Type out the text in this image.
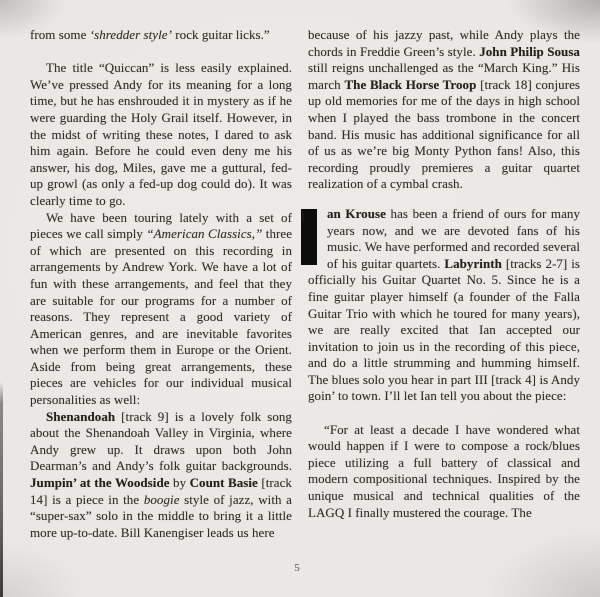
from some ‘shredder style’ rock guitar licks.”

The title “Quiccan” is less easily explained. We’ve pressed Andy for its meaning for a long time, but he has enshrouded it in mystery as if he were guarding the Holy Grail itself. However, in the midst of writing these notes, I dared to ask him again. Before he could even deny me his answer, his dog, Miles, gave me a guttural, fed-up growl (as only a fed-up dog could do). It was clearly time to go.

We have been touring lately with a set of pieces we call simply “American Classics,” three of which are presented on this recording in arrangements by Andrew York. We have a lot of fun with these arrangements, and feel that they are suitable for our programs for a number of reasons. They represent a good variety of American genres, and are inevitable favorites when we perform them in Europe or the Orient. Aside from being great arrangements, these pieces are vehicles for our individual musical personalities as well:

Shenandoah [track 9] is a lovely folk song about the Shenandoah Valley in Virginia, where Andy grew up. It draws upon both John Dearman’s and Andy’s folk guitar backgrounds. Jumpin’ at the Woodside by Count Basie [track 14] is a piece in the boogie style of jazz, with a “super-sax” solo in the middle to bring it a little more up-to-date. Bill Kanengiser leads us here

because of his jazzy past, while Andy plays the chords in Freddie Green’s style. John Philip Sousa still reigns unchallenged as the “March King.” His march The Black Horse Troop [track 18] conjures up old memories for me of the days in high school when I played the bass trombone in the concert band. His music has additional significance for all of us as we’re big Monty Python fans! Also, this recording proudly premieres a guitar quartet realization of a cymbal crash.

I	an Krouse has been a friend of ours for many years now, and we are devoted fans of his music. We have performed and recorded several of his guitar quartets. Labyrinth [tracks 2-7] is officially his Guitar Quartet No. 5. Since he is a fine guitar player himself (a founder of the Falla Guitar Trio with which he toured for many years), we are really excited that Ian accepted our invitation to join us in the recording of this piece, and do a little strumming and humming himself. The blues solo you hear in part III [track 4] is Andy goin’ to town. I’ll let Ian tell you about the piece:

“For at least a decade I have wondered what would happen if I were to compose a rock/blues piece utilizing a full battery of classical and modern compositional techniques. Inspired by the unique musical and technical qualities of the LAGQ I finally mustered the courage. The

5
